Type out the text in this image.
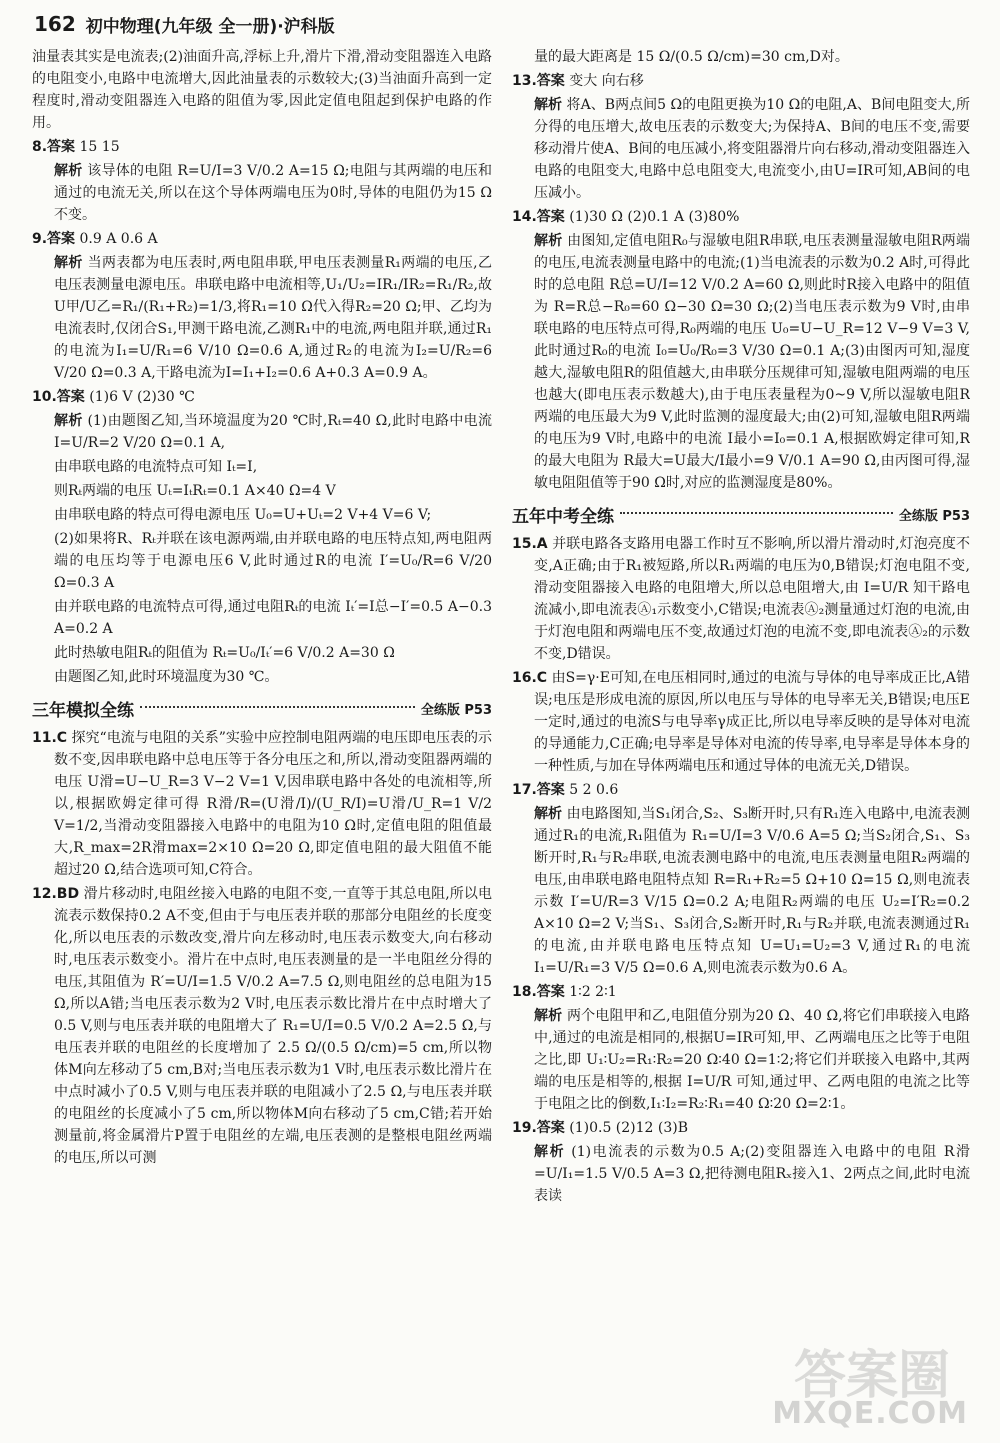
162 初中物理(九年级 全一册)·沪科版

油量表其实是电流表;(2)油面升高,浮标上升,滑片下滑,滑动变阻器连入电路的电阻变小,电路中电流增大,因此油量表的示数较大;(3)当油面升高到一定程度时,滑动变阻器连入电路的阻值为零,因此定值电阻起到保护电路的作用。

8.答案 15 15

解析 该导体的电阻 R=U/I=3 V/0.2 A=15 Ω;电阻与其两端的电压和通过的电流无关,所以在这个导体两端电压为0时,导体的电阻仍为15 Ω不变。

9.答案 0.9 A 0.6 A

解析 当两表都为电压表时,两电阻串联,甲电压表测量R₁两端的电压,乙电压表测量电源电压。串联电路中电流相等,U₁/U₂=IR₁/IR₂=R₁/R₂,故U甲/U乙=R₁/(R₁+R₂)=1/3,将R₁=10 Ω代入得R₂=20 Ω;甲、乙均为电流表时,仅闭合S₁,甲测干路电流,乙测R₁中的电流,两电阻并联,通过R₁的电流为I₁=U/R₁=6 V/10 Ω=0.6 A,通过R₂的电流为I₂=U/R₂=6 V/20 Ω=0.3 A,干路电流为I=I₁+I₂=0.6 A+0.3 A=0.9 A。

10.答案 (1)6 V (2)30 ℃

解析 (1)由题图乙知,当环境温度为20 ℃时,Rₜ=40 Ω,此时电路中电流 I=U/R=2 V/20 Ω=0.1 A,

由串联电路的电流特点可知 Iₜ=I,

则Rₜ两端的电压 Uₜ=IₜRₜ=0.1 A×40 Ω=4 V

由串联电路的特点可得电源电压 U₀=U+Uₜ=2 V+4 V=6 V;

(2)如果将R、Rₜ并联在该电源两端,由并联电路的电压特点知,两电阻两端的电压均等于电源电压6 V,此时通过R的电流 I′=U₀/R=6 V/20 Ω=0.3 A

由并联电路的电流特点可得,通过电阻Rₜ的电流 Iₜ′=I总−I′=0.5 A−0.3 A=0.2 A

此时热敏电阻Rₜ的阻值为 Rₜ=U₀/Iₜ′=6 V/0.2 A=30 Ω

由题图乙知,此时环境温度为30 ℃。

三年模拟全练	全练版 P53

11.C 探究“电流与电阻的关系”实验中应控制电阻两端的电压即电压表的示数不变,因串联电路中总电压等于各分电压之和,所以,滑动变阻器两端的电压 U滑=U−U_R=3 V−2 V=1 V,因串联电路中各处的电流相等,所以,根据欧姆定律可得 R滑/R=(U滑/I)/(U_R/I)=U滑/U_R=1 V/2 V=1/2,当滑动变阻器接入电路中的电阻为10 Ω时,定值电阻的阻值最大,R_max=2R滑max=2×10 Ω=20 Ω,即定值电阻的最大阻值不能超过20 Ω,结合选项可知,C符合。

12.BD 滑片移动时,电阻丝接入电路的电阻不变,一直等于其总电阻,所以电流表示数保持0.2 A不变,但由于与电压表并联的那部分电阻丝的长度变化,所以电压表的示数改变,滑片向左移动时,电压表示数变大,向右移动时,电压表示数变小。滑片在中点时,电压表测量的是一半电阻丝分得的电压,其阻值为 R′=U/I=1.5 V/0.2 A=7.5 Ω,则电阻丝的总电阻为15 Ω,所以A错;当电压表示数为2 V时,电压表示数比滑片在中点时增大了0.5 V,则与电压表并联的电阻增大了 R₁=U/I=0.5 V/0.2 A=2.5 Ω,与电压表并联的电阻丝的长度增加了 2.5 Ω/(0.5 Ω/cm)=5 cm,所以物体M向左移动了5 cm,B对;当电压表示数为1 V时,电压表示数比滑片在中点时减小了0.5 V,则与电压表并联的电阻减小了2.5 Ω,与电压表并联的电阻丝的长度减小了5 cm,所以物体M向右移动了5 cm,C错;若开始测量前,将金属滑片P置于电阻丝的左端,电压表测的是整根电阻丝两端的电压,所以可测

量的最大距离是 15 Ω/(0.5 Ω/cm)=30 cm,D对。

13.答案 变大 向右移

解析 将A、B两点间5 Ω的电阻更换为10 Ω的电阻,A、B间电阻变大,所分得的电压增大,故电压表的示数变大;为保持A、B间的电压不变,需要移动滑片使A、B间的电压减小,将变阻器滑片向右移动,滑动变阻器连入电路的电阻变大,电路中总电阻变大,电流变小,由U=IR可知,AB间的电压减小。

14.答案 (1)30 Ω (2)0.1 A (3)80%

解析 由图知,定值电阻R₀与湿敏电阻R串联,电压表测量湿敏电阻R两端的电压,电流表测量电路中的电流;(1)当电流表的示数为0.2 A时,可得此时的总电阻 R总=U/I=12 V/0.2 A=60 Ω,则此时R接入电路中的阻值为 R=R总−R₀=60 Ω−30 Ω=30 Ω;(2)当电压表示数为9 V时,由串联电路的电压特点可得,R₀两端的电压 U₀=U−U_R=12 V−9 V=3 V,此时通过R₀的电流 I₀=U₀/R₀=3 V/30 Ω=0.1 A;(3)由图丙可知,湿度越大,湿敏电阻R的阻值越大,由串联分压规律可知,湿敏电阻两端的电压也越大(即电压表示数越大),由于电压表量程为0~9 V,所以湿敏电阻R两端的电压最大为9 V,此时监测的湿度最大;由(2)可知,湿敏电阻R两端的电压为9 V时,电路中的电流 I最小=I₀=0.1 A,根据欧姆定律可知,R的最大电阻为 R最大=U最大/I最小=9 V/0.1 A=90 Ω,由丙图可得,湿敏电阻阻值等于90 Ω时,对应的监测湿度是80%。

五年中考全练	全练版 P53

15.A 并联电路各支路用电器工作时互不影响,所以滑片滑动时,灯泡亮度不变,A正确;由于R₁被短路,所以R₁两端的电压为0,B错误;灯泡电阻不变,滑动变阻器接入电路的电阻增大,所以总电阻增大,由 I=U/R 知干路电流减小,即电流表Ⓐ₁示数变小,C错误;电流表Ⓐ₂测量通过灯泡的电流,由于灯泡电阻和两端电压不变,故通过灯泡的电流不变,即电流表Ⓐ₂的示数不变,D错误。

16.C 由S=γ·E可知,在电压相同时,通过的电流与导体的电导率成正比,A错误;电压是形成电流的原因,所以电压与导体的电导率无关,B错误;电压E一定时,通过的电流S与电导率γ成正比,所以电导率反映的是导体对电流的导通能力,C正确;电导率是导体对电流的传导率,电导率是导体本身的一种性质,与加在导体两端电压和通过导体的电流无关,D错误。

17.答案 5 2 0.6

解析 由电路图知,当S₁闭合,S₂、S₃断开时,只有R₁连入电路中,电流表测通过R₁的电流,R₁阻值为 R₁=U/I=3 V/0.6 A=5 Ω;当S₂闭合,S₁、S₃断开时,R₁与R₂串联,电流表测电路中的电流,电压表测量电阻R₂两端的电压,由串联电路电阻特点知 R=R₁+R₂=5 Ω+10 Ω=15 Ω,则电流表示数 I′=U/R=3 V/15 Ω=0.2 A;电阻R₂两端的电压 U₂=I′R₂=0.2 A×10 Ω=2 V;当S₁、S₃闭合,S₂断开时,R₁与R₂并联,电流表测通过R₁的电流,由并联电路电压特点知 U=U₁=U₂=3 V,通过R₁的电流 I₁=U/R₁=3 V/5 Ω=0.6 A,则电流表示数为0.6 A。

18.答案 1∶2 2∶1

解析 两个电阻甲和乙,电阻值分别为20 Ω、40 Ω,将它们串联接入电路中,通过的电流是相同的,根据U=IR可知,甲、乙两端电压之比等于电阻之比,即 U₁∶U₂=R₁∶R₂=20 Ω∶40 Ω=1∶2;将它们并联接入电路中,其两端的电压是相等的,根据 I=U/R 可知,通过甲、乙两电阻的电流之比等于电阻之比的倒数,I₁∶I₂=R₂∶R₁=40 Ω∶20 Ω=2∶1。

19.答案 (1)0.5 (2)12 (3)B

解析 (1)电流表的示数为0.5 A;(2)变阻器连入电路中的电阻 R滑=U/I₁=1.5 V/0.5 A=3 Ω,把待测电阻Rₓ接入1、2两点之间,此时电流表读

答案圈
MXQE.COM
